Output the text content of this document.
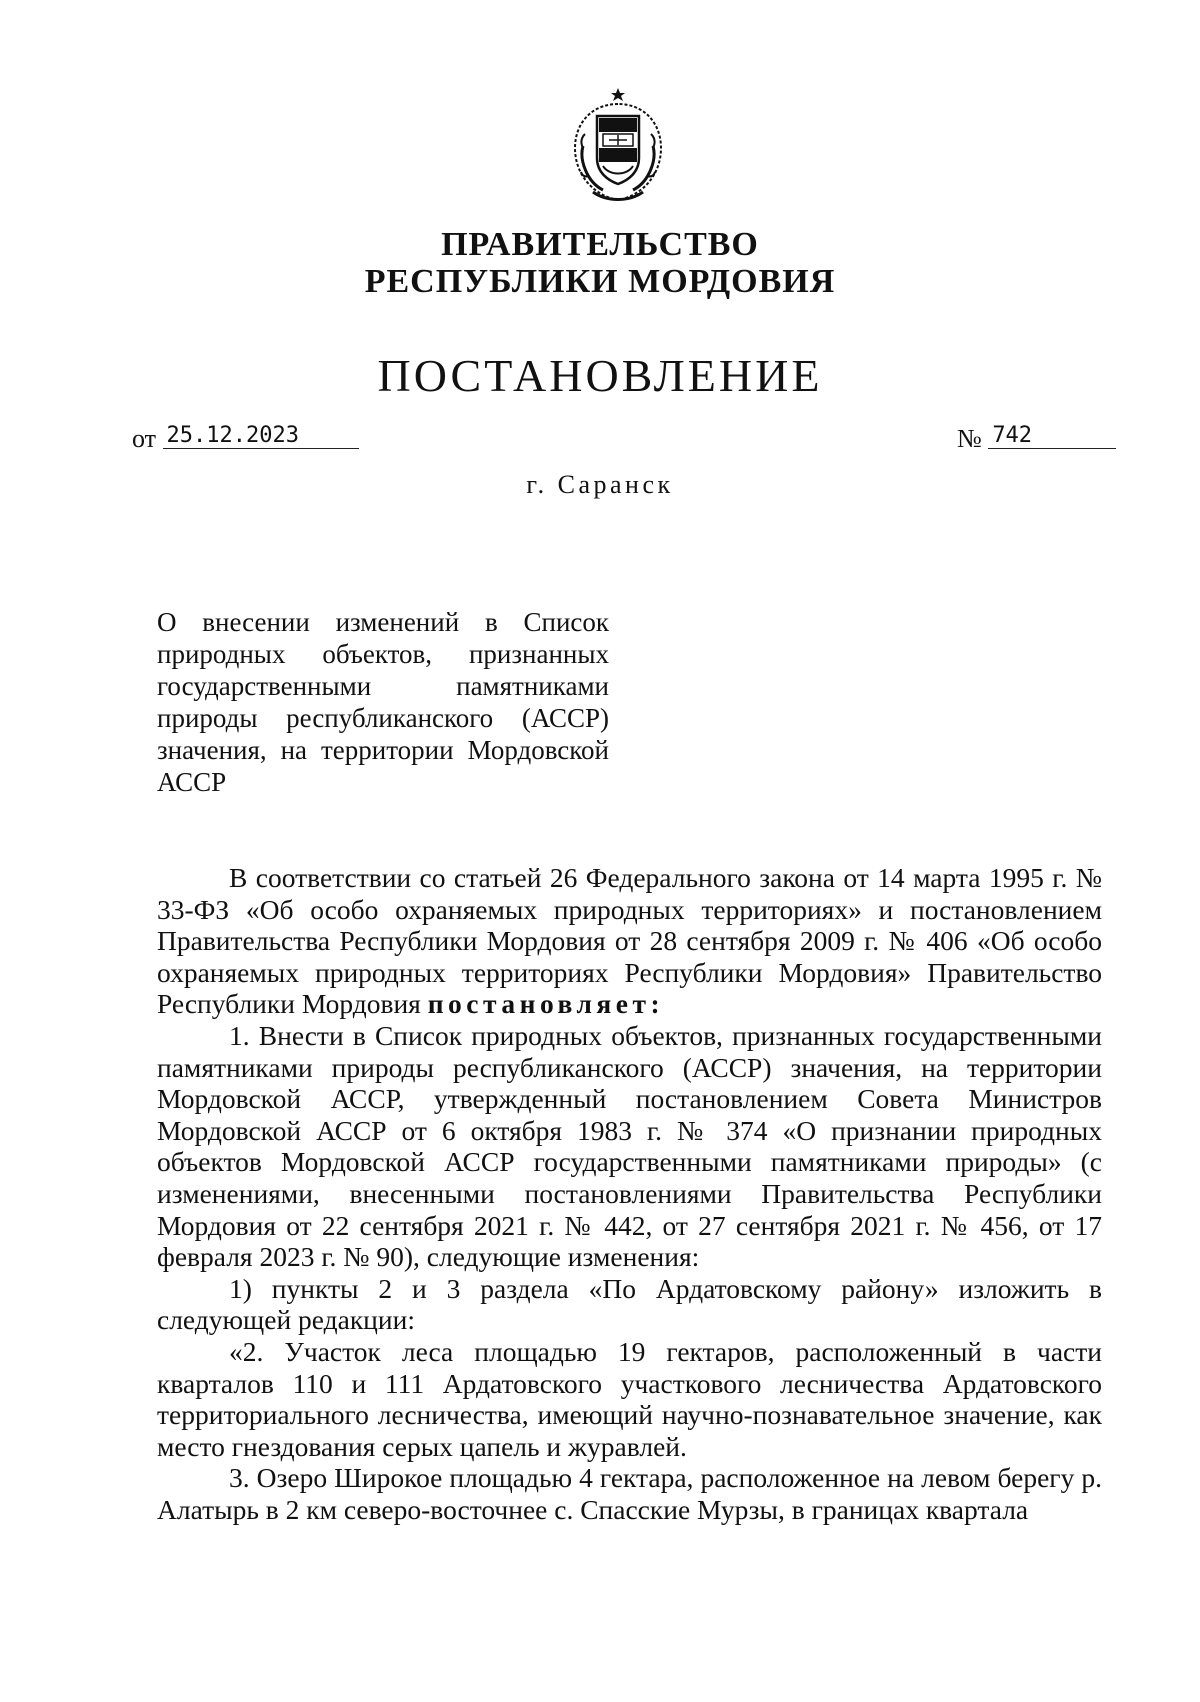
ПРАВИТЕЛЬСТВО
РЕСПУБЛИКИ МОРДОВИЯ
ПОСТАНОВЛЕНИЕ
от 25.12.2023	№ 742
г. Саранск
О внесении изменений в Список природных объектов, признанных государственными памятниками природы республиканского (АССР) значения, на территории Мордовской АССР

В соответствии со статьей 26 Федерального закона от 14 марта 1995 г. № 33-ФЗ «Об особо охраняемых природных территориях» и постановлением Правительства Республики Мордовия от 28 сентября 2009 г. № 406 «Об особо охраняемых природных территориях Республики Мордовия» Правительство Республики Мордовия постановляет:

1. Внести в Список природных объектов, признанных государственными памятниками природы республиканского (АССР) значения, на территории Мордовской АССР, утвержденный постановлением Совета Министров Мордовской АССР от 6 октября 1983 г. № 374 «О признании природных объектов Мордовской АССР государственными памятниками природы» (с изменениями, внесенными постановлениями Правительства Республики Мордовия от 22 сентября 2021 г. № 442, от 27 сентября 2021 г. № 456, от 17 февраля 2023 г. № 90), следующие изменения:

1) пункты 2 и 3 раздела «По Ардатовскому району» изложить в следующей редакции:

«2. Участок леса площадью 19 гектаров, расположенный в части кварталов 110 и 111 Ардатовского участкового лесничества Ардатовского территориального лесничества, имеющий научно-познавательное значение, как место гнездования серых цапель и журавлей.

3. Озеро Широкое площадью 4 гектара, расположенное на левом берегу р. Алатырь в 2 км северо-восточнее с. Спасские Мурзы, в границах квартала
